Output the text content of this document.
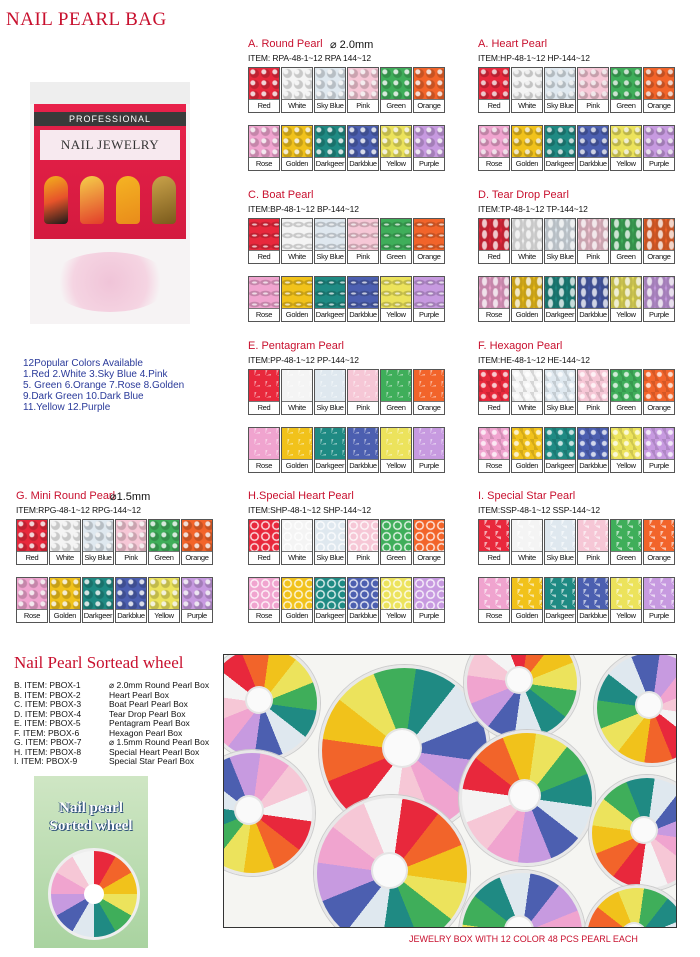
NAIL PEARL BAG
PROFESSIONAL
NAIL JEWELRY
12Popular Colors Available
1.Red 2.White 3.Sky Blue 4.Pink
5. Green 6.Orange 7.Rose 8.Golden
9.Dark Green 10.Dark Blue
11.Yellow 12.Purple
A. Round Pearl ⌀ 2.0mm
ITEM: RPA-48-1~12 RPA 144~12
Red	White	Sky Blue	Pink	Green	Orange
Rose	Golden	Darkgeer Darkblue	Yellow	Purple
A. Heart Pearl
ITEM:HP-48-1~12 HP-144~12
Red	White	Sky Blue	Pink	Green	Orange
Rose	Golden	Darkgeer Darkblue	Yellow	Purple
C. Boat Pearl
ITEM:BP-48-1~12 BP-144~12
Red	White	Sky Blue	Pink	Green	Orange
Rose	Golden	Darkgeer Darkblue	Yellow	Purple
D. Tear Drop Pearl
ITEM:TP-48-1~12 TP-144~12
Red	White	Sky Blue	Pink	Green	Orange
Rose	Golden	Darkgeer Darkblue	Yellow	Purple
E. Pentagram Pearl
ITEM:PP-48-1~12 PP-144~12
Red	White	Sky Blue	Pink	Green	Orange
Rose	Golden	Darkgeer Darkblue	Yellow	Purple
F. Hexagon Pearl
ITEM:HE-48-1~12 HE-144~12
Red	White	Sky Blue	Pink	Green	Orange
Rose	Golden	Darkgeer Darkblue	Yellow	Purple
G. Mini Round Pearl
⌀1.5mm
ITEM:RPG-48-1~12 RPG-144~12
Red	White	Sky Blue	Pink	Green	Orange
Rose	Golden	Darkgeer Darkblue	Yellow	Purple
H.Special Heart Pearl
ITEM:SHP-48-1~12 SHP-144~12
Red	White	Sky Blue	Pink	Green	Orange
Rose	Golden	Darkgeer Darkblue	Yellow	Purple
I. Special Star Pearl
ITEM:SSP-48-1~12 SSP-144~12
Red	White	Sky Blue	Pink	Green	Orange
Rose	Golden	Darkgeer Darkblue	Yellow	Purple
Nail Pearl Sortead wheel
B. ITEM: PBOX-1	⌀ 2.0mm Round Pearl Box
B. ITEM: PBOX-2	Heart Pearl Box
C. ITEM: PBOX-3	Boat Pearl Pearl Box
D. ITEM: PBOX-4	Tear Drop Pearl Box
E. ITEM: PBOX-5	Pentagram Pearl Box
F. ITEM: PBOX-6	Hexagon Pearl Box
G. ITEM: PBOX-7	⌀ 1.5mm Round Pearl Box
H. ITEM: PBOX-8	Special Heart Pearl Box
I. ITEM: PBOX-9	Special Star Pearl Box
Nail pearl
Sorted wheel
JEWELRY BOX WITH 12 COLOR 48 PCS PEARL EACH
